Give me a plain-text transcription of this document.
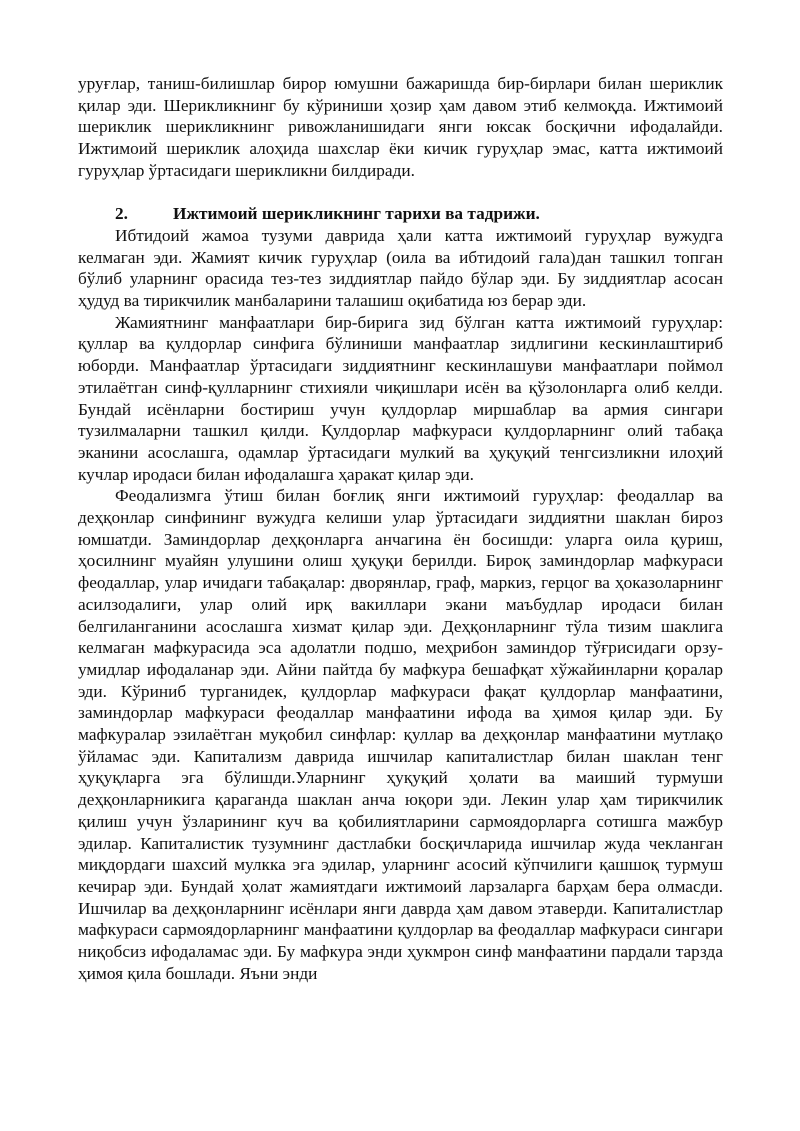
уруғлар, таниш-билишлар бирор юмушни бажаришда бир-бирлари билан шериклик қилар эди. Шерикликнинг бу кўриниши ҳозир ҳам давом этиб келмоқда. Ижтимоий шериклик шерикликнинг ривожланишидаги янги юксак босқични ифодалайди. Ижтимоий шериклик алоҳида шахслар ёки кичик гуруҳлар эмас, катта ижтимоий гуруҳлар ўртасидаги шерикликни билдиради.

2.	Ижтимоий шерикликнинг тарихи ва тадрижи.

Ибтидоий жамоа тузуми даврида ҳали катта ижтимоий гуруҳлар вужудга келмаган эди. Жамият кичик гуруҳлар (оила ва ибтидоий гала)дан ташкил топган бўлиб уларнинг орасида тез-тез зиддиятлар пайдо бўлар эди. Бу зиддиятлар асосан ҳудуд ва тирикчилик манбаларини талашиш оқибатида юз берар эди.

Жамиятнинг манфаатлари бир-бирига зид бўлган катта ижтимоий гуруҳлар: қуллар ва қулдорлар синфига бўлиниши манфаатлар зидлигини кескинлаштириб юборди. Манфаатлар ўртасидаги зиддиятнинг кескинлашуви манфаатлари поймол этилаётган синф-қулларнинг стихияли чиқишлари исён ва қўзолонларга олиб келди. Бундай исёнларни бостириш учун қулдорлар миршаблар ва армия сингари тузилмаларни ташкил қилди. Қулдорлар мафкураси қулдорларнинг олий табақа эканини асослашга, одамлар ўртасидаги мулкий ва ҳуқуқий тенгсизликни илоҳий кучлар иродаси билан ифодалашга ҳаракат қилар эди.

Феодализмга ўтиш билан боғлиқ янги ижтимоий гуруҳлар: феодаллар ва деҳқонлар синфининг вужудга келиши улар ўртасидаги зиддиятни шаклан бироз юмшатди. Заминдорлар деҳқонларга анчагина ён босишди: уларга оила қуриш, ҳосилнинг муайян улушини олиш ҳуқуқи берилди. Бироқ заминдорлар мафкураси феодаллар, улар ичидаги табақалар: дворянлар, граф, маркиз, герцог ва ҳоказоларнинг асилзодалиги, улар олий ирқ вакиллари экани маъбудлар иродаси билан белгиланганини асослашга хизмат қилар эди. Деҳқонларнинг тўла тизим шаклига келмаган мафкурасида эса адолатли подшо, меҳрибон заминдор тўғрисидаги орзу-умидлар ифодаланар эди. Айни пайтда бу мафкура бешафқат хўжайинларни қоралар эди. Кўриниб турганидек, қулдорлар мафкураси фақат қулдорлар манфаатини, заминдорлар мафкураси феодаллар манфаатини ифода ва ҳимоя қилар эди. Бу мафкуралар эзилаётган муқобил синфлар: қуллар ва деҳқонлар манфаатини мутлақо ўйламас эди. Капитализм даврида ишчилар капиталистлар билан шаклан тенг ҳуқуқларга эга бўлишди.Уларнинг ҳуқуқий ҳолати ва маиший турмуши деҳқонларникига қараганда шаклан анча юқори эди. Лекин улар ҳам тирикчилик қилиш учун ўзларининг куч ва қобилиятларини сармоядорларга сотишга мажбур эдилар. Капиталистик тузумнинг дастлабки босқичларида ишчилар жуда чекланган миқдордаги шахсий мулкка эга эдилар, уларнинг асосий кўпчилиги қашшоқ турмуш кечирар эди. Бундай ҳолат жамиятдаги ижтимоий ларзаларга барҳам бера олмасди. Ишчилар ва деҳқонларнинг исёнлари янги даврда ҳам давом этаверди. Капиталистлар мафкураси сармоядорларнинг манфаатини қулдорлар ва феодаллар мафкураси сингари ниқобсиз ифодаламас эди. Бу мафкура энди ҳукмрон синф манфаатини пардали тарзда ҳимоя қила бошлади. Яъни энди
